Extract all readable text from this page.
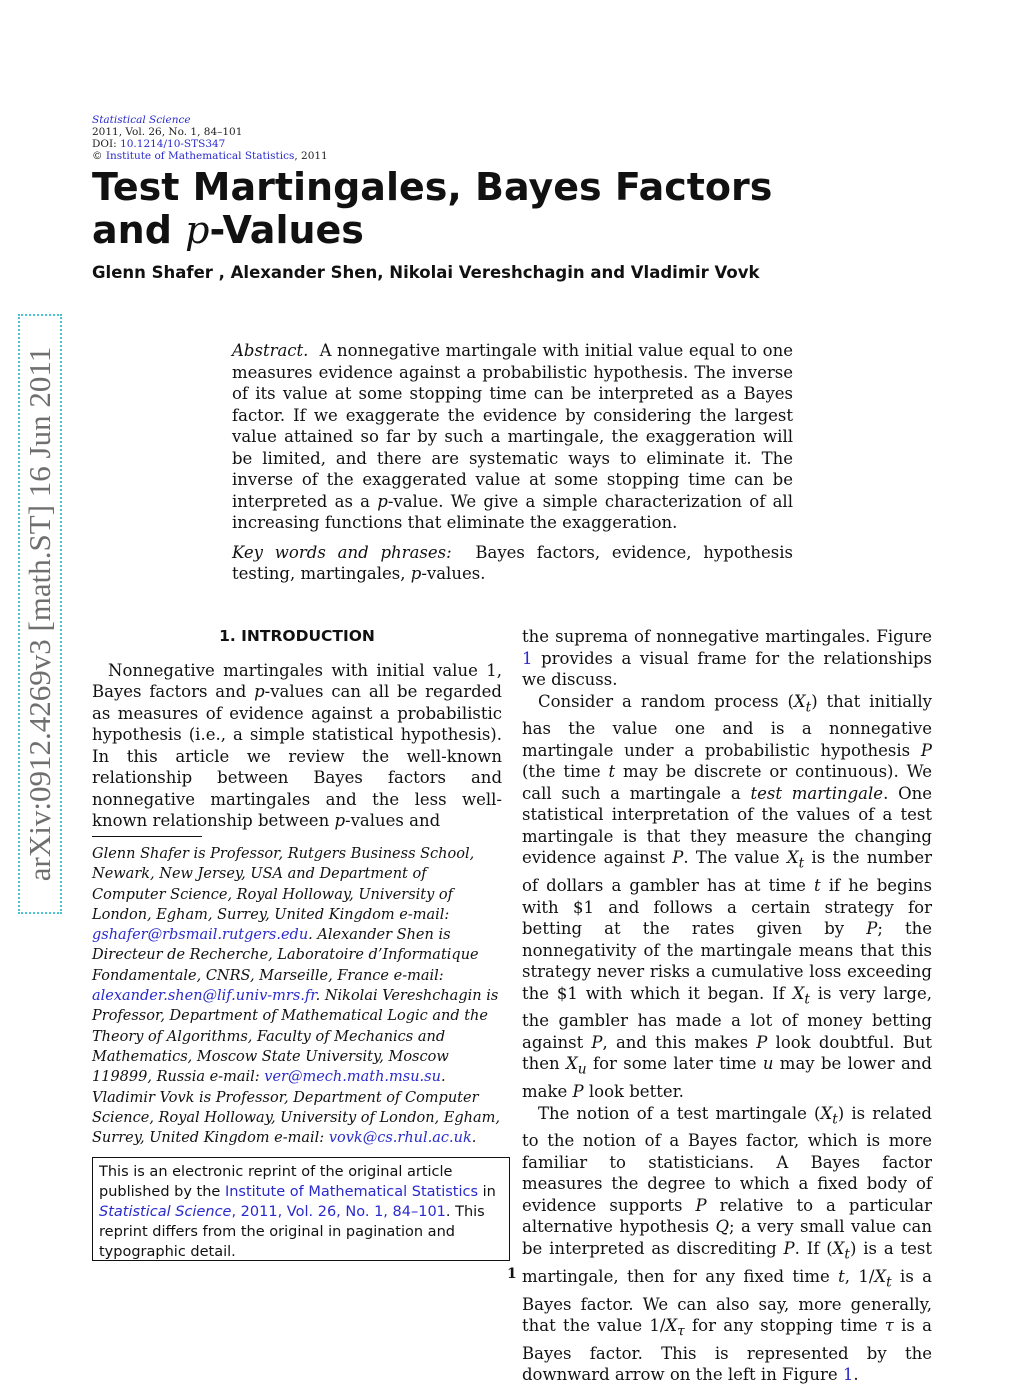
arXiv:0912.4269v3 [math.ST] 16 Jun 2011
Statistical Science
2011, Vol. 26, No. 1, 84–101
DOI: 10.1214/10-STS347
© Institute of Mathematical Statistics, 2011
Test Martingales, Bayes Factors
and p-Values
Glenn Shafer , Alexander Shen, Nikolai Vereshchagin and Vladimir Vovk

Abstract. A nonnegative martingale with initial value equal to one measures evidence against a probabilistic hypothesis. The inverse of its value at some stopping time can be interpreted as a Bayes factor. If we exaggerate the evidence by considering the largest value attained so far by such a martingale, the exaggeration will be limited, and there are systematic ways to eliminate it. The inverse of the exaggerated value at some stopping time can be interpreted as a p-value. We give a simple characterization of all increasing functions that eliminate the exaggeration.

Key words and phrases: Bayes factors, evidence, hypothesis testing, martingales, p-values.

1. INTRODUCTION

Nonnegative martingales with initial value 1, Bayes factors and p-values can all be regarded as measures of evidence against a probabilistic hypothesis (i.e., a simple statistical hypothesis). In this article we review the well-known relationship between Bayes factors and nonnegative martingales and the less well-known relationship between p-values and

Glenn Shafer is Professor, Rutgers Business School, Newark, New Jersey, USA and Department of Computer Science, Royal Holloway, University of London, Egham, Surrey, United Kingdom e-mail: gshafer@rbsmail.rutgers.edu. Alexander Shen is Directeur de Recherche, Laboratoire d’Informatique Fondamentale, CNRS, Marseille, France e-mail: alexander.shen@lif.univ-mrs.fr. Nikolai Vereshchagin is Professor, Department of Mathematical Logic and the Theory of Algorithms, Faculty of Mechanics and Mathematics, Moscow State University, Moscow 119899, Russia e-mail: ver@mech.math.msu.su. Vladimir Vovk is Professor, Department of Computer Science, Royal Holloway, University of London, Egham, Surrey, United Kingdom e-mail: vovk@cs.rhul.ac.uk.
This is an electronic reprint of the original article published by the Institute of Mathematical Statistics in Statistical Science, 2011, Vol. 26, No. 1, 84–101. This reprint differs from the original in pagination and typographic detail.

the suprema of nonnegative martingales. Figure 1 provides a visual frame for the relationships we discuss.

Consider a random process $(X_t)$ that initially has the value one and is a nonnegative martingale under a probabilistic hypothesis P (the time t may be discrete or continuous). We call such a martingale a test martingale. One statistical interpretation of the values of a test martingale is that they measure the changing evidence against P. The value $X_t$ is the number of dollars a gambler has at time t if he begins with $1 and follows a certain strategy for betting at the rates given by P; the nonnegativity of the martingale means that this strategy never risks a cumulative loss exceeding the $1 with which it began. If $X_t$ is very large, the gambler has made a lot of money betting against P, and this makes P look doubtful. But then $X_u$ for some later time u may be lower and make P look better.

The notion of a test martingale $(X_t)$ is related to the notion of a Bayes factor, which is more familiar to statisticians. A Bayes factor measures the degree to which a fixed body of evidence supports P relative to a particular alternative hypothesis Q; a very small value can be interpreted as discrediting P. If $(X_t)$ is a test martingale, then for any fixed time t, $1/X_t$ is a Bayes factor. We can also say, more generally, that the value $1/X_\tau$ for any stopping time τ is a Bayes factor. This is represented by the downward arrow on the left in Figure 1.

1
